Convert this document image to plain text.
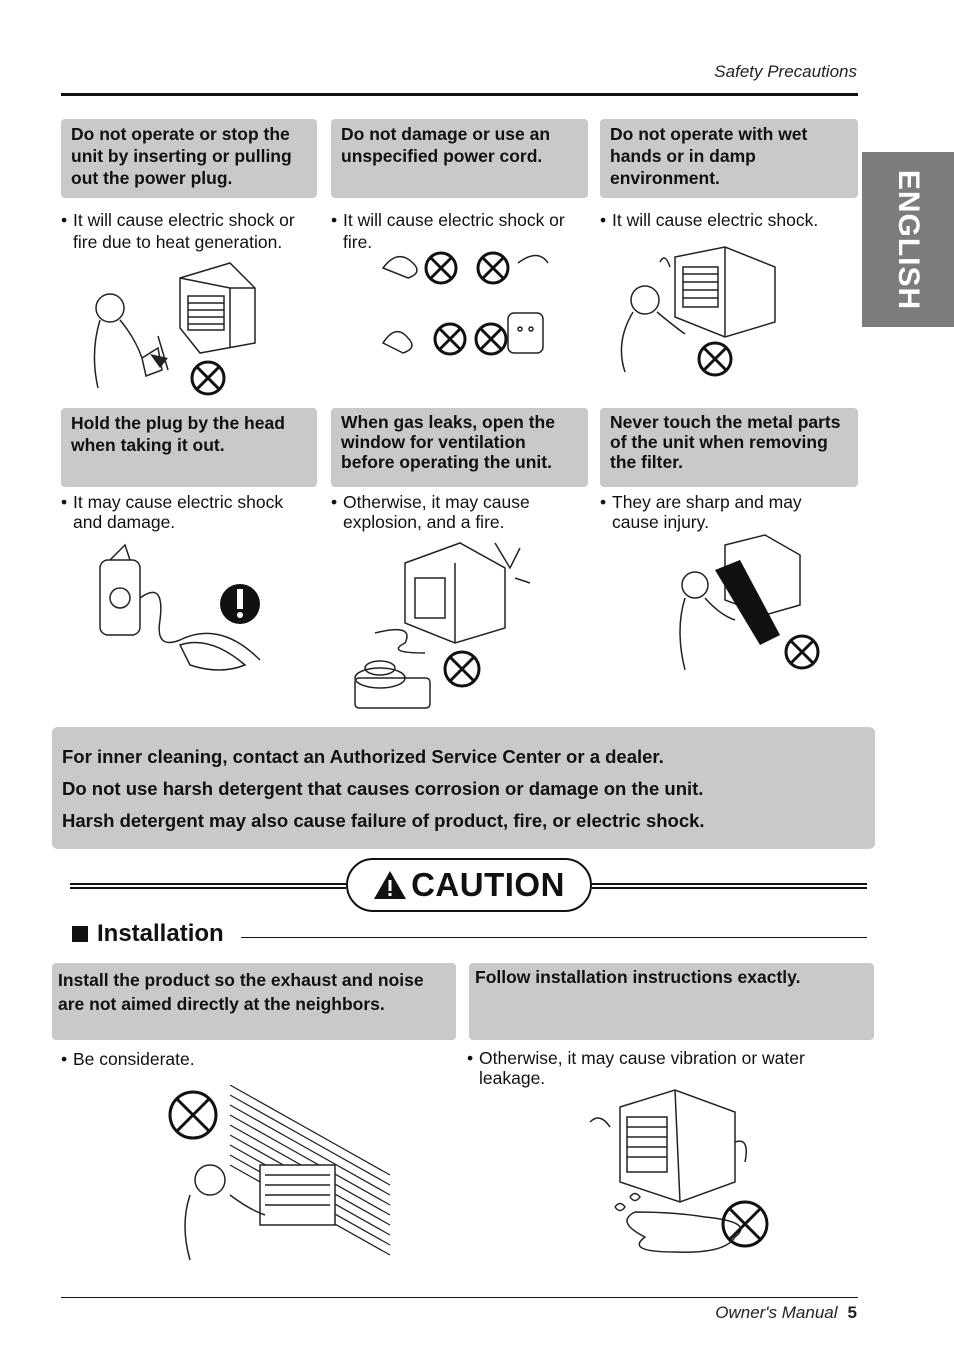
Safety Precautions
ENGLISH
Do not operate or stop the unit by inserting or pulling out the power plug.
• It will cause electric shock or fire due to heat generation.
Do not damage or use an unspecified power cord.
• It will cause electric shock or fire.
Do not operate with wet hands or in damp environment.
• It will cause electric shock.
Hold the plug by the head when taking it out.
• It may cause electric shock and damage.
When gas leaks, open the window for ventilation before operating the unit.
• Otherwise, it may cause explosion, and a fire.
Never touch the metal parts of the unit when removing the filter.
• They are sharp and may cause injury.
For inner cleaning, contact an Authorized Service Center or a dealer.
Do not use harsh detergent that causes corrosion or damage on the unit.
Harsh detergent may also cause failure of product, fire, or electric shock.
CAUTION
Installation
Install the product so the exhaust and noise are not aimed directly at the neighbors.
• Be considerate.
Follow installation instructions exactly.
• Otherwise, it may cause vibration or water leakage.
Owner's Manual 5
